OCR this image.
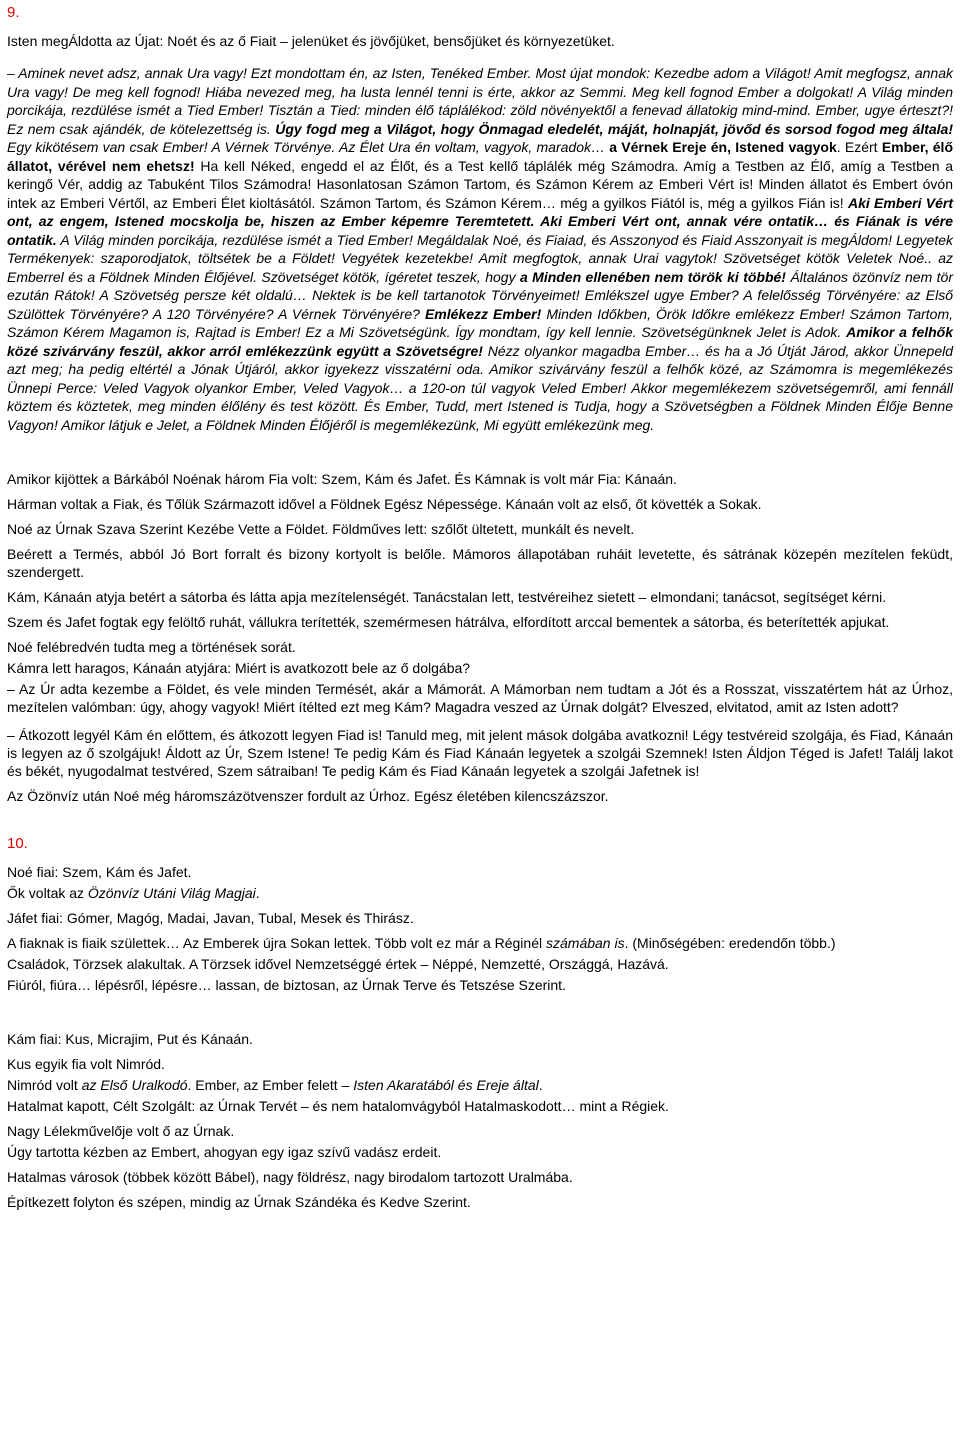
9.

Isten megÁldotta az Újat: Noét és az ő Fiait – jelenüket és jövőjüket, bensőjüket és környezetüket.

– Aminek nevet adsz, annak Ura vagy! Ezt mondottam én, az Isten, Tenéked Ember. Most újat mondok: Kezedbe adom a Világot! Amit megfogsz, annak Ura vagy! De meg kell fognod! Hiába nevezed meg, ha lusta lennél tenni is érte, akkor az Semmi. Meg kell fognod Ember a dolgokat! A Világ minden porcikája, rezdülése ismét a Tied Ember! Tisztán a Tied: minden élő táplálékod: zöld növényektől a fenevad állatokig mind-mind. Ember, ugye érteszt?! Ez nem csak ajándék, de kötelezettség is. Úgy fogd meg a Világot, hogy Önmagad eledelét, máját, holnapját, jövőd és sorsod fogod meg általa! Egy kikötésem van csak Ember! A Vérnek Törvénye. Az Élet Ura én voltam, vagyok, maradok… a Vérnek Ereje én, Istened vagyok. Ezért Ember, élő állatot, vérével nem ehetsz! Ha kell Néked, engedd el az Élőt, és a Test kellő táplálék még Számodra. Amíg a Testben az Élő, amíg a Testben a keringő Vér, addig az Tabuként Tilos Számodra! Hasonlatosan Számon Tartom, és Számon Kérem az Emberi Vért is! Minden állatot és Embert óvón intek az Emberi Vértől, az Emberi Élet kioltásától. Számon Tartom, és Számon Kérem… még a gyilkos Fiától is, még a gyilkos Fián is! Aki Emberi Vért ont, az engem, Istened mocskolja be, hiszen az Ember képemre Teremtetett. Aki Emberi Vért ont, annak vére ontatik… és Fiának is vére ontatik. A Világ minden porcikája, rezdülése ismét a Tied Ember! Megáldalak Noé, és Fiaiad, és Asszonyod és Fiaid Asszonyait is megÁldom! Legyetek Termékenyek: szaporodjatok, töltsétek be a Földet! Vegyétek kezetekbe! Amit megfogtok, annak Urai vagytok! Szövetséget kötök Veletek Noé.. az Emberrel és a Földnek Minden Élőjével. Szövetséget kötök, ígéretet teszek, hogy a Minden ellenében nem török ki többé! Általános özönvíz nem tör ezután Rátok! A Szövetség persze két oldalú… Nektek is be kell tartanotok Törvényeimet! Emlékszel ugye Ember? A felelősség Törvényére: az Első Szülöttek Törvényére? A 120 Törvényére? A Vérnek Törvényére? Emlékezz Ember! Minden Időkben, Örök Időkre emlékezz Ember! Számon Tartom, Számon Kérem Magamon is, Rajtad is Ember! Ez a Mi Szövetségünk. Így mondtam, így kell lennie. Szövetségünknek Jelet is Adok. Amikor a felhők közé szivárvány feszül, akkor arról emlékezzünk együtt a Szövetségre! Nézz olyankor magadba Ember… és ha a Jó Útját Járod, akkor Ünnepeld azt meg; ha pedig eltértél a Jónak Útjáról, akkor igyekezz visszatérni oda. Amikor szivárvány feszül a felhők közé, az Számomra is megemlékezés Ünnepi Perce: Veled Vagyok olyankor Ember, Veled Vagyok… a 120-on túl vagyok Veled Ember! Akkor megemlékezem szövetségemről, ami fennáll köztem és köztetek, meg minden élőlény és test között. És Ember, Tudd, mert Istened is Tudja, hogy a Szövetségben a Földnek Minden Élője Benne Vagyon! Amikor látjuk e Jelet, a Földnek Minden Élőjéről is megemlékezünk, Mi együtt emlékezünk meg.

Amikor kijöttek a Bárkából Noénak három Fia volt: Szem, Kám és Jafet. És Kámnak is volt már Fia: Kánaán.

Hárman voltak a Fiak, és Tőlük Származott idővel a Földnek Egész Népessége. Kánaán volt az első, őt követték a Sokak.

Noé az Úrnak Szava Szerint Kezébe Vette a Földet. Földműves lett: szőlőt ültetett, munkált és nevelt.

Beérett a Termés, abból Jó Bort forralt és bizony kortyolt is belőle. Mámoros állapotában ruháit levetette, és sátrának közepén mezítelen feküdt, szendergett.

Kám, Kánaán atyja betért a sátorba és látta apja mezítelenségét. Tanácstalan lett, testvéreihez sietett – elmondani; tanácsot, segítséget kérni.

Szem és Jafet fogtak egy felöltő ruhát, vállukra terítették, szemérmesen hátrálva, elfordított arccal bementek a sátorba, és beterítették apjukat.

Noé felébredvén tudta meg a történések sorát.

Kámra lett haragos, Kánaán atyjára: Miért is avatkozott bele az ő dolgába?

– Az Úr adta kezembe a Földet, és vele minden Termését, akár a Mámorát. A Mámorban nem tudtam a Jót és a Rosszat, visszatértem hát az Úrhoz, mezítelen valómban: úgy, ahogy vagyok! Miért ítélted ezt meg Kám? Magadra veszed az Úrnak dolgát? Elveszed, elvitatod, amit az Isten adott?

– Átkozott legyél Kám én előttem, és átkozott legyen Fiad is! Tanuld meg, mit jelent mások dolgába avatkozni! Légy testvéreid szolgája, és Fiad, Kánaán is legyen az ő szolgájuk! Áldott az Úr, Szem Istene! Te pedig Kám és Fiad Kánaán legyetek a szolgái Szemnek! Isten Áldjon Téged is Jafet! Találj lakot és békét, nyugodalmat testvéred, Szem sátraiban! Te pedig Kám és Fiad Kánaán legyetek a szolgái Jafetnek is!

Az Özönvíz után Noé még háromszázötvenszer fordult az Úrhoz. Egész életében kilencszázszor.

10.

Noé fiai: Szem, Kám és Jafet.

Ők voltak az Özönvíz Utáni Világ Magjai.

Jáfet fiai: Gómer, Magóg, Madai, Javan, Tubal, Mesek és Thirász.

A fiaknak is fiaik születtek… Az Emberek újra Sokan lettek. Több volt ez már a Réginél számában is. (Minőségében: eredendőn több.)

Családok, Törzsek alakultak. A Törzsek idővel Nemzetséggé értek – Néppé, Nemzetté, Országgá, Hazává.

Fiúról, fiúra… lépésről, lépésre… lassan, de biztosan, az Úrnak Terve és Tetszése Szerint.

Kám fiai: Kus, Micrajim, Put és Kánaán.

Kus egyik fia volt Nimród.

Nimród volt az Első Uralkodó. Ember, az Ember felett – Isten Akaratából és Ereje által.

Hatalmat kapott, Célt Szolgált: az Úrnak Tervét – és nem hatalomvágyból Hatalmaskodott… mint a Régiek.

Nagy Lélekművelője volt ő az Úrnak.

Úgy tartotta kézben az Embert, ahogyan egy igaz szívű vadász erdeit.

Hatalmas városok (többek között Bábel), nagy földrész, nagy birodalom tartozott Uralmába.

Építkezett folyton és szépen, mindig az Úrnak Szándéka és Kedve Szerint.
